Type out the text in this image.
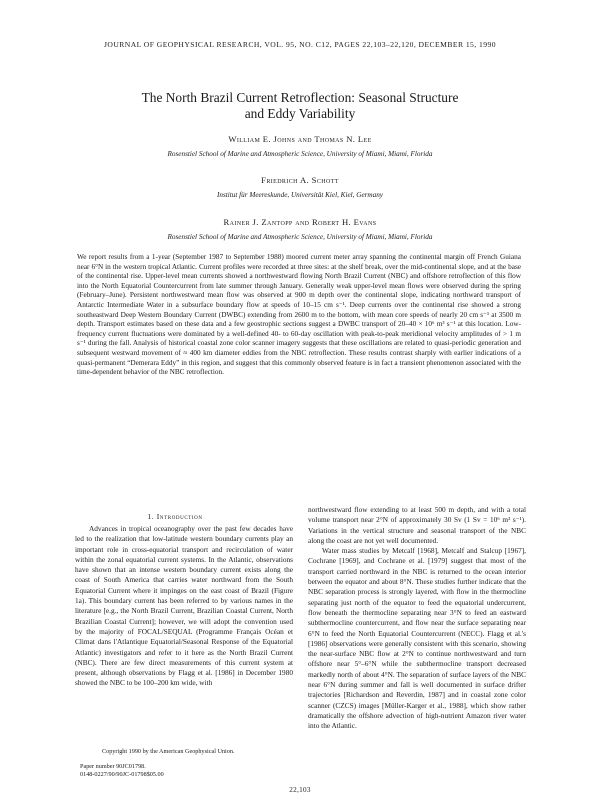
JOURNAL OF GEOPHYSICAL RESEARCH, VOL. 95, NO. C12, PAGES 22,103–22,120, DECEMBER 15, 1990
The North Brazil Current Retroflection: Seasonal Structure
and Eddy Variability
William E. Johns and Thomas N. Lee
Rosenstiel School of Marine and Atmospheric Science, University of Miami, Miami, Florida
Friedrich A. Schott
Institut für Meereskunde, Universität Kiel, Kiel, Germany
Rainer J. Zantopp and Robert H. Evans
Rosenstiel School of Marine and Atmospheric Science, University of Miami, Miami, Florida
We report results from a 1-year (September 1987 to September 1988) moored current meter array spanning the continental margin off French Guiana near 6°N in the western tropical Atlantic. Current profiles were recorded at three sites: at the shelf break, over the mid-continental slope, and at the base of the continental rise. Upper-level mean currents showed a northwestward flowing North Brazil Current (NBC) and offshore retroflection of this flow into the North Equatorial Countercurrent from late summer through January. Generally weak upper-level mean flows were observed during the spring (February–June). Persistent northwestward mean flow was observed at 900 m depth over the continental slope, indicating northward transport of Antarctic Intermediate Water in a subsurface boundary flow at speeds of 10–15 cm s⁻¹. Deep currents over the continental rise showed a strong southeastward Deep Western Boundary Current (DWBC) extending from 2600 m to the bottom, with mean core speeds of nearly 20 cm s⁻¹ at 3500 m depth. Transport estimates based on these data and a few geostrophic sections suggest a DWBC transport of 20–40 × 10⁶ m³ s⁻¹ at this location. Low-frequency current fluctuations were dominated by a well-defined 40- to 60-day oscillation with peak-to-peak meridional velocity amplitudes of > 1 m s⁻¹ during the fall. Analysis of historical coastal zone color scanner imagery suggests that these oscillations are related to quasi-periodic generation and subsequent westward movement of ≈ 400 km diameter eddies from the NBC retroflection. These results contrast sharply with earlier indications of a quasi-permanent “Demerara Eddy” in this region, and suggest that this commonly observed feature is in fact a transient phenomenon associated with the time-dependent behavior of the NBC retroflection.
1. Introduction

Advances in tropical oceanography over the past few decades have led to the realization that low-latitude western boundary currents play an important role in cross-equatorial transport and recirculation of water within the zonal equatorial current systems. In the Atlantic, observations have shown that an intense western boundary current exists along the coast of South America that carries water northward from the South Equatorial Current where it impinges on the east coast of Brazil (Figure 1a). This boundary current has been referred to by various names in the literature [e.g., the North Brazil Current, Brazilian Coastal Current, North Brazilian Coastal Current]; however, we will adopt the convention used by the majority of FOCAL/SEQUAL (Programme Français Océan et Climat dans l'Atlantique Equatorial/Seasonal Response of the Equatorial Atlantic) investigators and refer to it here as the North Brazil Current (NBC). There are few direct measurements of this current system at present, although observations by Flagg et al. [1986] in December 1980 showed the NBC to be 100–200 km wide, with

northwestward flow extending to at least 500 m depth, and with a total volume transport near 2°N of approximately 30 Sv (1 Sv = 10⁶ m³ s⁻¹). Variations in the vertical structure and seasonal transport of the NBC along the coast are not yet well documented.

Water mass studies by Metcalf [1968], Metcalf and Stalcup [1967], Cochrane [1969], and Cochrane et al. [1979] suggest that most of the transport carried northward in the NBC is returned to the ocean interior between the equator and about 8°N. These studies further indicate that the NBC separation process is strongly layered, with flow in the thermocline separating just north of the equator to feed the equatorial undercurrent, flow beneath the thermocline separating near 3°N to feed an eastward subthermocline countercurrent, and flow near the surface separating near 6°N to feed the North Equatorial Countercurrent (NECC). Flagg et al.'s [1986] observations were generally consistent with this scenario, showing the near-surface NBC flow at 2°N to continue northwestward and turn offshore near 5°–6°N while the subthermocline transport decreased markedly north of about 4°N. The separation of surface layers of the NBC near 6°N during summer and fall is well documented in surface drifter trajectories [Richardson and Reverdin, 1987] and in coastal zone color scanner (CZCS) images [Müller-Karger et al., 1988], which show rather dramatically the offshore advection of high-nutrient Amazon river water into the Atlantic.

Copyright 1990 by the American Geophysical Union.
Paper number 90JC01798.
0148-0227/90/90JC-01798$05.00
22,103
